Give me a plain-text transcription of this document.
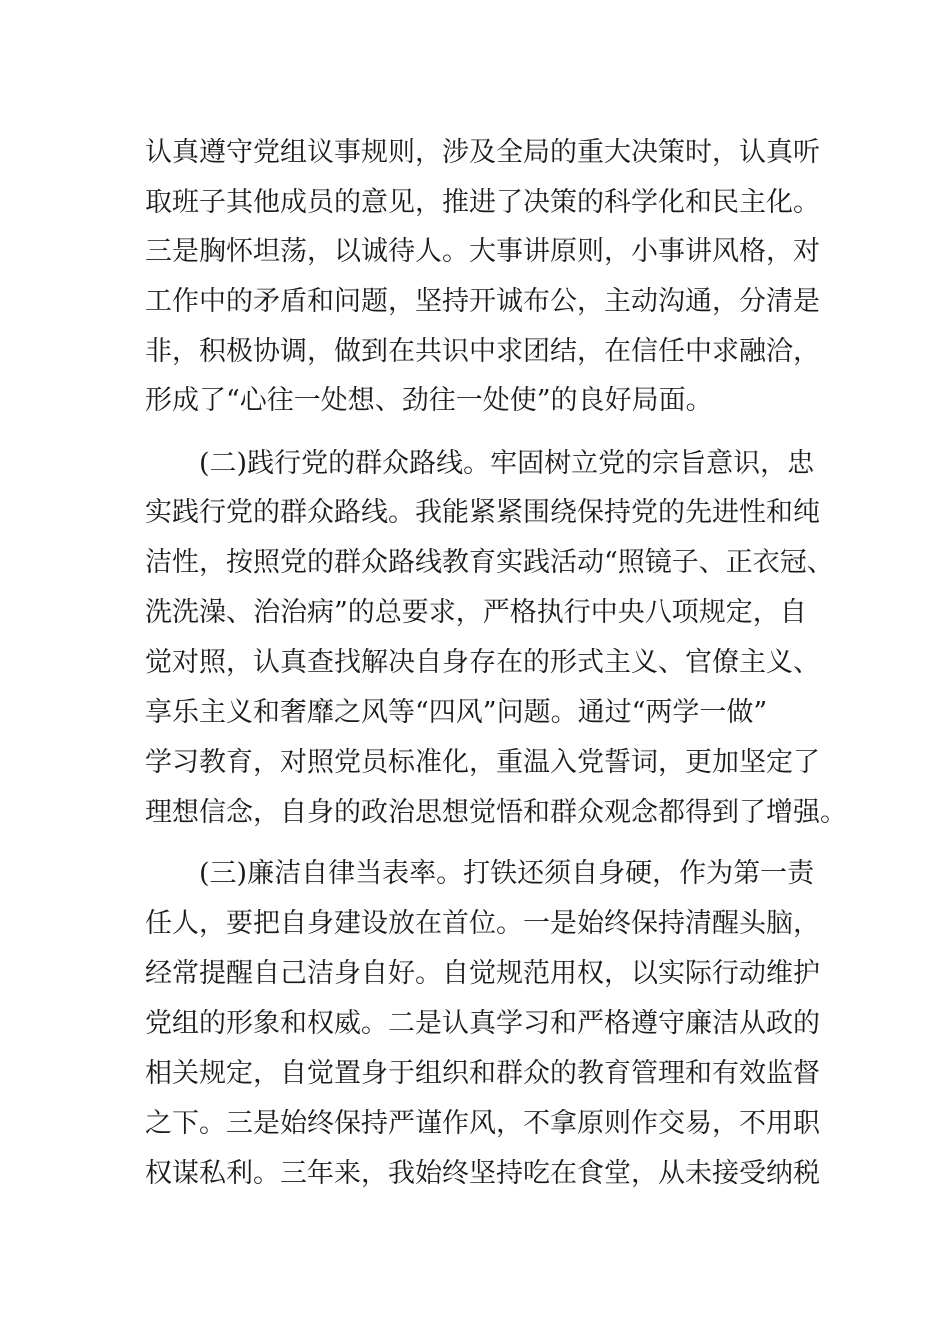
认真遵守党组议事规则，涉及全局的重大决策时，认真听

取班子其他成员的意见，推进了决策的科学化和民主化。

三是胸怀坦荡，以诚待人。大事讲原则，小事讲风格，对

工作中的矛盾和问题，坚持开诚布公，主动沟通，分清是

非，积极协调，做到在共识中求团结，在信任中求融洽，

形成了“心往一处想、劲往一处使”的良好局面。

(二)践行党的群众路线。牢固树立党的宗旨意识，忠

实践行党的群众路线。我能紧紧围绕保持党的先进性和纯

洁性，按照党的群众路线教育实践活动“照镜子、正衣冠、

洗洗澡、治治病”的总要求，严格执行中央八项规定，自

觉对照，认真查找解决自身存在的形式主义、官僚主义、

享乐主义和奢靡之风等“四风”问题。通过“两学一做”

学习教育，对照党员标准化，重温入党誓词，更加坚定了

理想信念，自身的政治思想觉悟和群众观念都得到了增强。

(三)廉洁自律当表率。打铁还须自身硬，作为第一责

任人，要把自身建设放在首位。一是始终保持清醒头脑，

经常提醒自己洁身自好。自觉规范用权，以实际行动维护

党组的形象和权威。二是认真学习和严格遵守廉洁从政的

相关规定，自觉置身于组织和群众的教育管理和有效监督

之下。三是始终保持严谨作风，不拿原则作交易，不用职

权谋私利。三年来，我始终坚持吃在食堂，从未接受纳税
